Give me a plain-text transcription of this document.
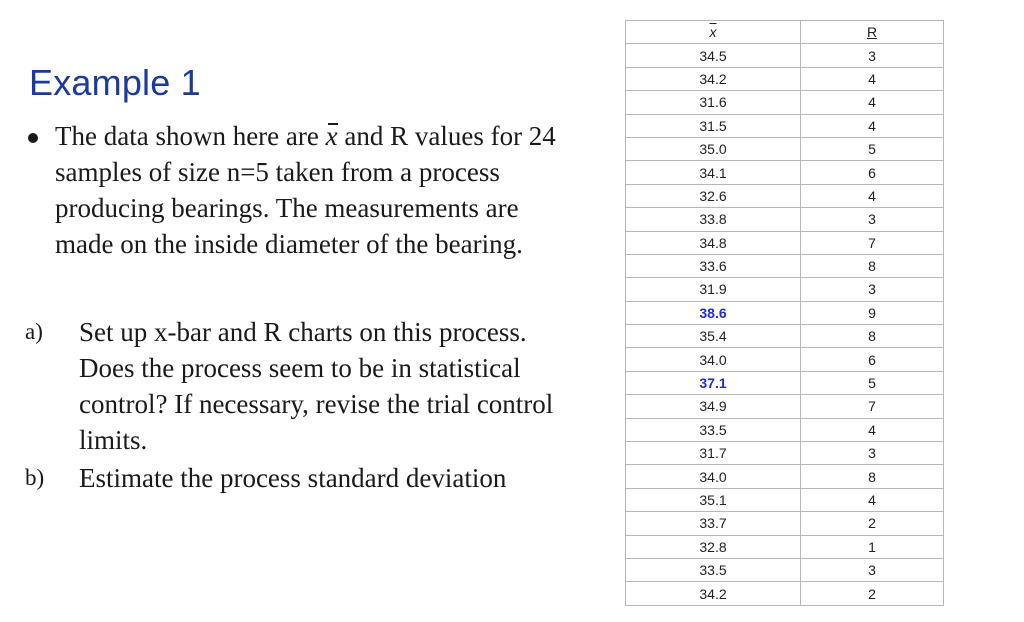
Example 1
The data shown here are x and R values for 24 samples of size n=5 taken from a process producing bearings. The measurements are made on the inside diameter of the bearing.
a) Set up x-bar and R charts on this process. Does the process seem to be in statistical control? If necessary, revise the trial control limits.
b) Estimate the process standard deviation
$\overline{x}$	R
34.5	3
34.2	4
31.6	4
31.5	4
35.0	5
34.1	6
32.6	4
33.8	3
34.8	7
33.6	8
31.9	3
38.6	9
35.4	8
34.0	6
37.1	5
34.9	7
33.5	4
31.7	3
34.0	8
35.1	4
33.7	2
32.8	1
33.5	3
34.2	2
